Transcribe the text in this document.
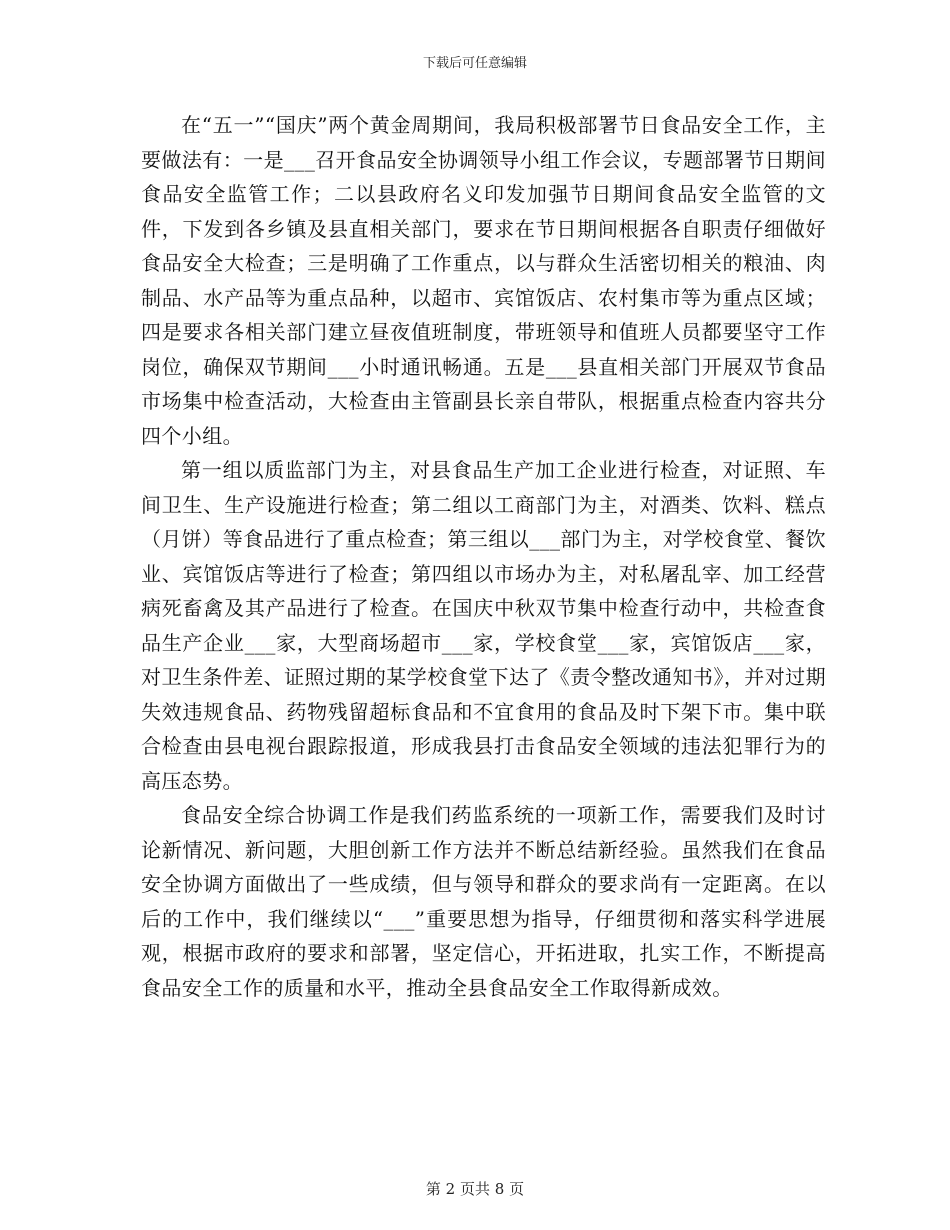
下载后可任意编辑

在“五一”“国庆”两个黄金周期间，我局积极部署节日食品安全工作，主要做法有：一是___召开食品安全协调领导小组工作会议，专题部署节日期间食品安全监管工作；二以县政府名义印发加强节日期间食品安全监管的文件，下发到各乡镇及县直相关部门，要求在节日期间根据各自职责仔细做好食品安全大检查；三是明确了工作重点，以与群众生活密切相关的粮油、肉制品、水产品等为重点品种，以超市、宾馆饭店、农村集市等为重点区域；四是要求各相关部门建立昼夜值班制度，带班领导和值班人员都要坚守工作岗位，确保双节期间___小时通讯畅通。五是___县直相关部门开展双节食品市场集中检查活动，大检查由主管副县长亲自带队，根据重点检查内容共分四个小组。

第一组以质监部门为主，对县食品生产加工企业进行检查，对证照、车间卫生、生产设施进行检查；第二组以工商部门为主，对酒类、饮料、糕点（月饼）等食品进行了重点检查；第三组以___部门为主，对学校食堂、餐饮业、宾馆饭店等进行了检查；第四组以市场办为主，对私屠乱宰、加工经营病死畜禽及其产品进行了检查。在国庆中秋双节集中检查行动中，共检查食品生产企业___家，大型商场超市___家，学校食堂___家，宾馆饭店___家，对卫生条件差、证照过期的某学校食堂下达了《责令整改通知书》，并对过期失效违规食品、药物残留超标食品和不宜食用的食品及时下架下市。集中联合检查由县电视台跟踪报道，形成我县打击食品安全领域的违法犯罪行为的高压态势。

食品安全综合协调工作是我们药监系统的一项新工作，需要我们及时讨论新情况、新问题，大胆创新工作方法并不断总结新经验。虽然我们在食品安全协调方面做出了一些成绩，但与领导和群众的要求尚有一定距离。在以后的工作中，我们继续以“___”重要思想为指导，仔细贯彻和落实科学进展观，根据市政府的要求和部署，坚定信心，开拓进取，扎实工作，不断提高食品安全工作的质量和水平，推动全县食品安全工作取得新成效。

第 2 页共 8 页
